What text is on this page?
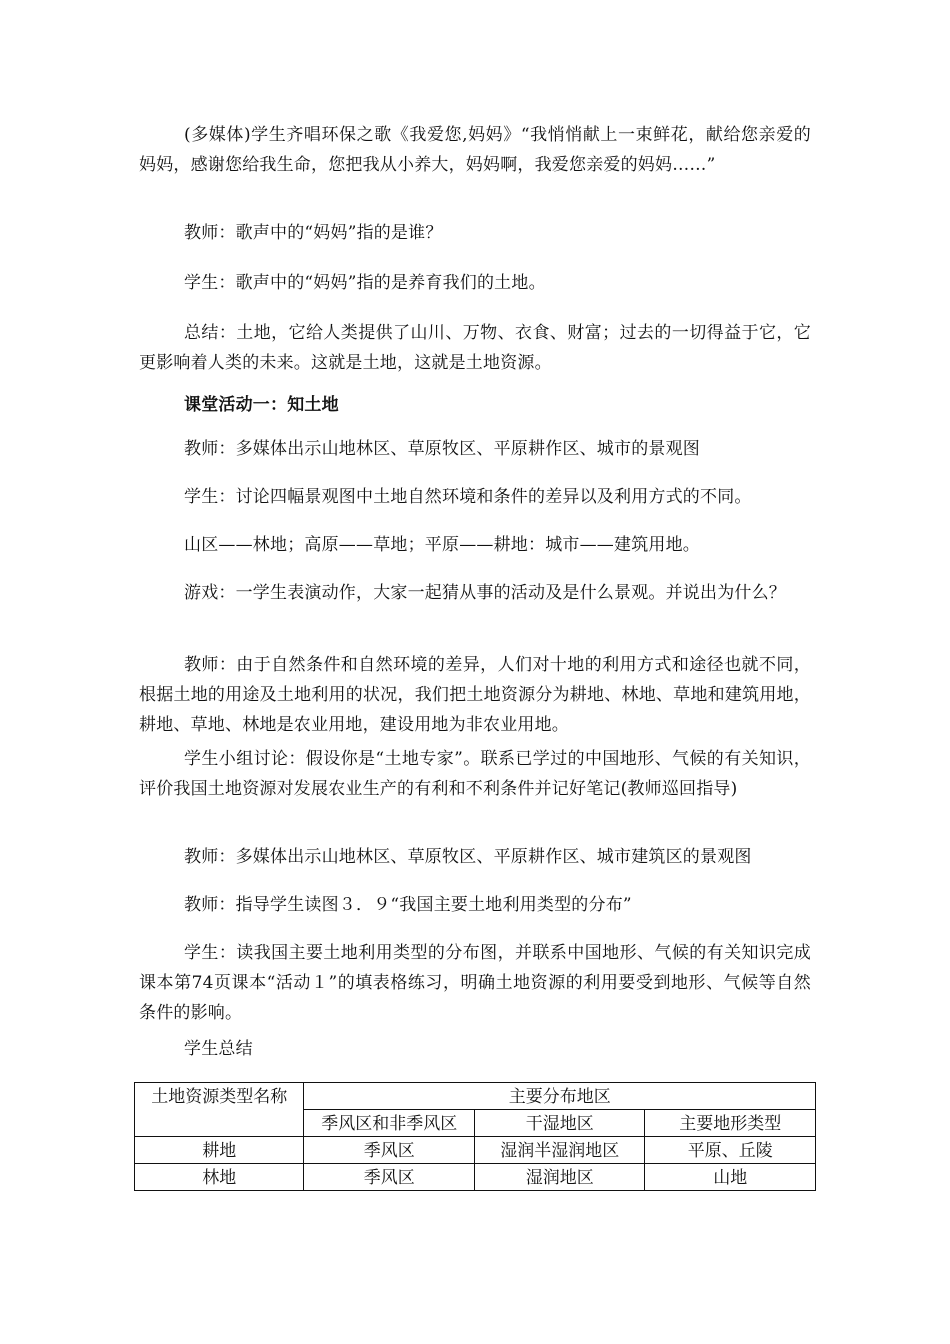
(多媒体)学生齐唱环保之歌《我爱您,妈妈》“我悄悄献上一束鲜花，献给您亲爱的妈妈，感谢您给我生命，您把我从小养大，妈妈啊，我爱您亲爱的妈妈……”

教师：歌声中的“妈妈”指的是谁？

学生：歌声中的“妈妈”指的是养育我们的土地。

总结：土地，它给人类提供了山川、万物、衣食、财富；过去的一切得益于它，它更影响着人类的未来。这就是土地，这就是土地资源。

课堂活动一：知土地

教师：多媒体出示山地林区、草原牧区、平原耕作区、城市的景观图

学生：讨论四幅景观图中土地自然环境和条件的差异以及利用方式的不同。

山区——林地；高原——草地；平原——耕地：城市——建筑用地。

游戏：一学生表演动作，大家一起猜从事的活动及是什么景观。并说出为什么？

教师：由于自然条件和自然环境的差异，人们对十地的利用方式和途径也就不同，根据土地的用途及土地利用的状况，我们把土地资源分为耕地、林地、草地和建筑用地，耕地、草地、林地是农业用地，建设用地为非农业用地。

学生小组讨论：假设你是“土地专家”。联系已学过的中国地形、气候的有关知识，评价我国土地资源对发展农业生产的有利和不利条件并记好笔记(教师巡回指导)

教师：多媒体出示山地林区、草原牧区、平原耕作区、城市建筑区的景观图

教师：指导学生读图３．９“我国主要土地利用类型的分布”

学生：读我国主要土地利用类型的分布图，并联系中国地形、气候的有关知识完成课本第74页课本“活动１”的填表格练习，明确土地资源的利用要受到地形、气候等自然条件的影响。

学生总结

土地资源类型名称	主要分布地区		
	季风区和非季风区	干湿地区	主要地形类型
耕地	季风区	湿润半湿润地区	平原、丘陵
林地	季风区	湿润地区	山地
